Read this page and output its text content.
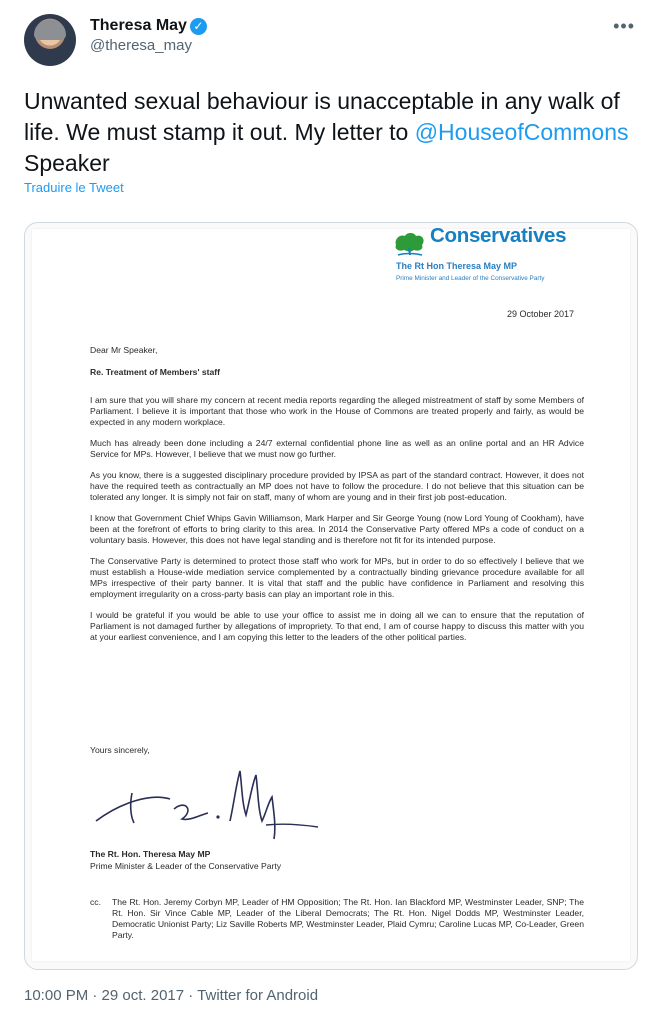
Theresa May ✓
@theresa_may
•••
Unwanted sexual behaviour is unacceptable in any walk of life. We must stamp it out. My letter to @HouseofCommons Speaker
Traduire le Tweet
Conservatives
The Rt Hon Theresa May MP
Prime Minister and Leader of the Conservative Party
29 October 2017
Dear Mr Speaker,
Re. Treatment of Members' staff

I am sure that you will share my concern at recent media reports regarding the alleged mistreatment of staff by some Members of Parliament. I believe it is important that those who work in the House of Commons are treated properly and fairly, as would be expected in any modern workplace.

Much has already been done including a 24/7 external confidential phone line as well as an online portal and an HR Advice Service for MPs. However, I believe that we must now go further.

As you know, there is a suggested disciplinary procedure provided by IPSA as part of the standard contract. However, it does not have the required teeth as contractually an MP does not have to follow the procedure. I do not believe that this situation can be tolerated any longer. It is simply not fair on staff, many of whom are young and in their first job post-education.

I know that Government Chief Whips Gavin Williamson, Mark Harper and Sir George Young (now Lord Young of Cookham), have been at the forefront of efforts to bring clarity to this area. In 2014 the Conservative Party offered MPs a code of conduct on a voluntary basis. However, this does not have legal standing and is therefore not fit for its intended purpose.

The Conservative Party is determined to protect those staff who work for MPs, but in order to do so effectively I believe that we must establish a House-wide mediation service complemented by a contractually binding grievance procedure available for all MPs irrespective of their party banner. It is vital that staff and the public have confidence in Parliament and resolving this employment irregularity on a cross-party basis can play an important role in this.

I would be grateful if you would be able to use your office to assist me in doing all we can to ensure that the reputation of Parliament is not damaged further by allegations of impropriety. To that end, I am of course happy to discuss this matter with you at your earliest convenience, and I am copying this letter to the leaders of the other political parties.

Yours sincerely,
The Rt. Hon. Theresa May MP
Prime Minister & Leader of the Conservative Party
cc. The Rt. Hon. Jeremy Corbyn MP, Leader of HM Opposition; The Rt. Hon. Ian Blackford MP, Westminster Leader, SNP; The Rt. Hon. Sir Vince Cable MP, Leader of the Liberal Democrats; The Rt. Hon. Nigel Dodds MP, Westminster Leader, Democratic Unionist Party; Liz Saville Roberts MP, Westminster Leader, Plaid Cymru; Caroline Lucas MP, Co-Leader, Green Party.
10:00 PM · 29 oct. 2017 · Twitter for Android
